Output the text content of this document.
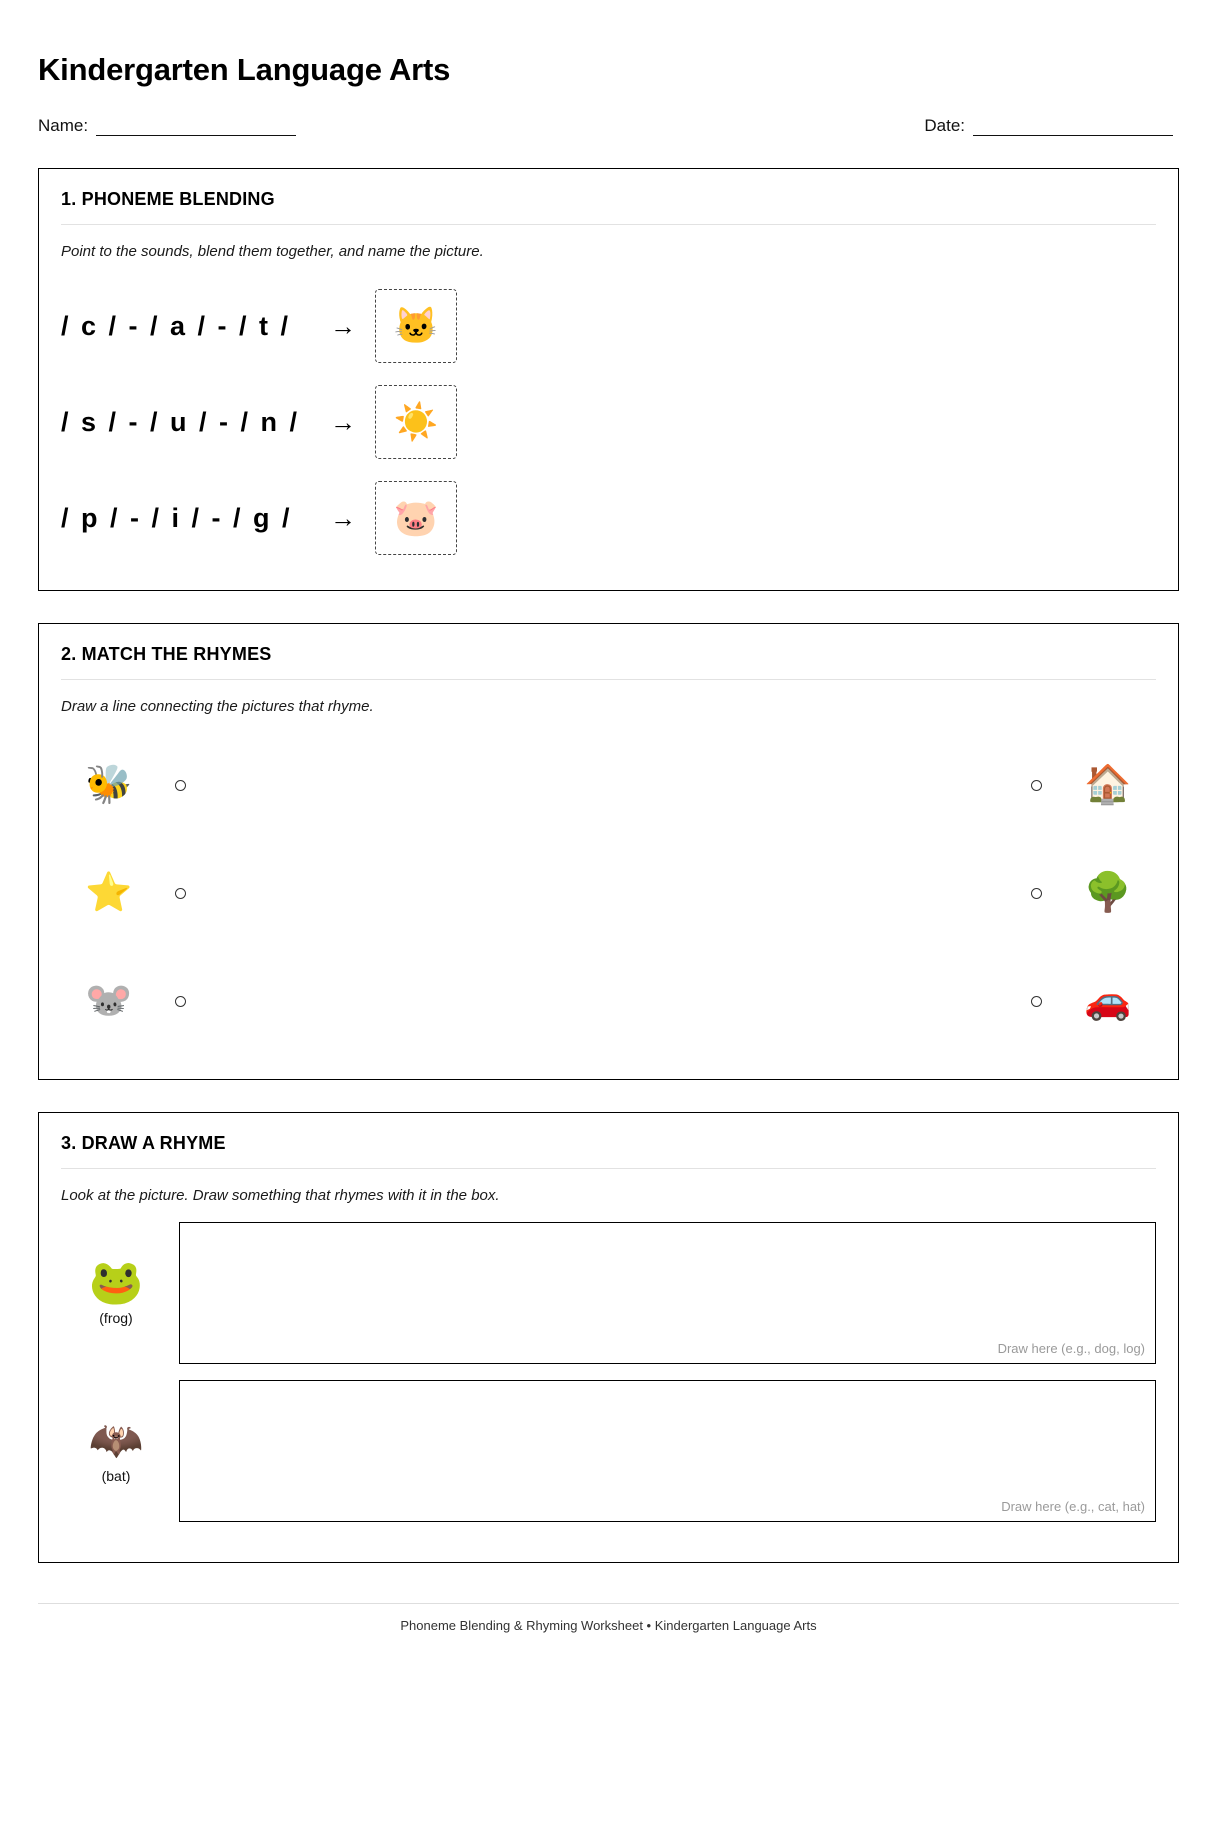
Kindergarten Language Arts
Name:	Date:
1. PHONEME BLENDING

Point to the sounds, blend them together, and name the picture.

/ c / - / a / - / t /	→	🐱
/ s / - / u / - / n /	→	☀️
/ p / - / i / - / g /	→	🐷
2. MATCH THE RHYMES

Draw a line connecting the pictures that rhyme.

🐝	🏠
⭐	🌳
🐭	🚗
3. DRAW A RHYME

Look at the picture. Draw something that rhymes with it in the box.

🐸
(frog)
Draw here (e.g., dog, log)
🦇
(bat)
Draw here (e.g., cat, hat)
Phoneme Blending & Rhyming Worksheet • Kindergarten Language Arts
